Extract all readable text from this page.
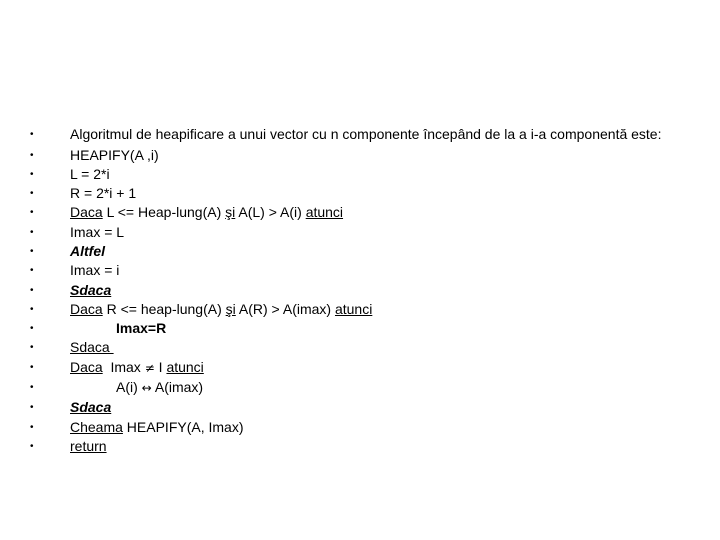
•	Algoritmul de heapificare a unui vector cu n componente începând de la a i-a componentă este:
•	HEAPIFY(A ,i)
•	L = 2*i
•	R = 2*i + 1
•	Daca L <= Heap-lung(A) şi A(L) > A(i) atunci
•	Imax = L
•	Altfel
•	Imax = i
•	Sdaca
•	Daca R <= heap-lung(A) şi A(R) > A(imax) atunci
•	Imax=R
•	Sdaca
•	Daca  Imax ≠ I atunci
•	A(i) ↔ A(imax)
•	Sdaca
•	Cheama HEAPIFY(A, Imax)
•	return
